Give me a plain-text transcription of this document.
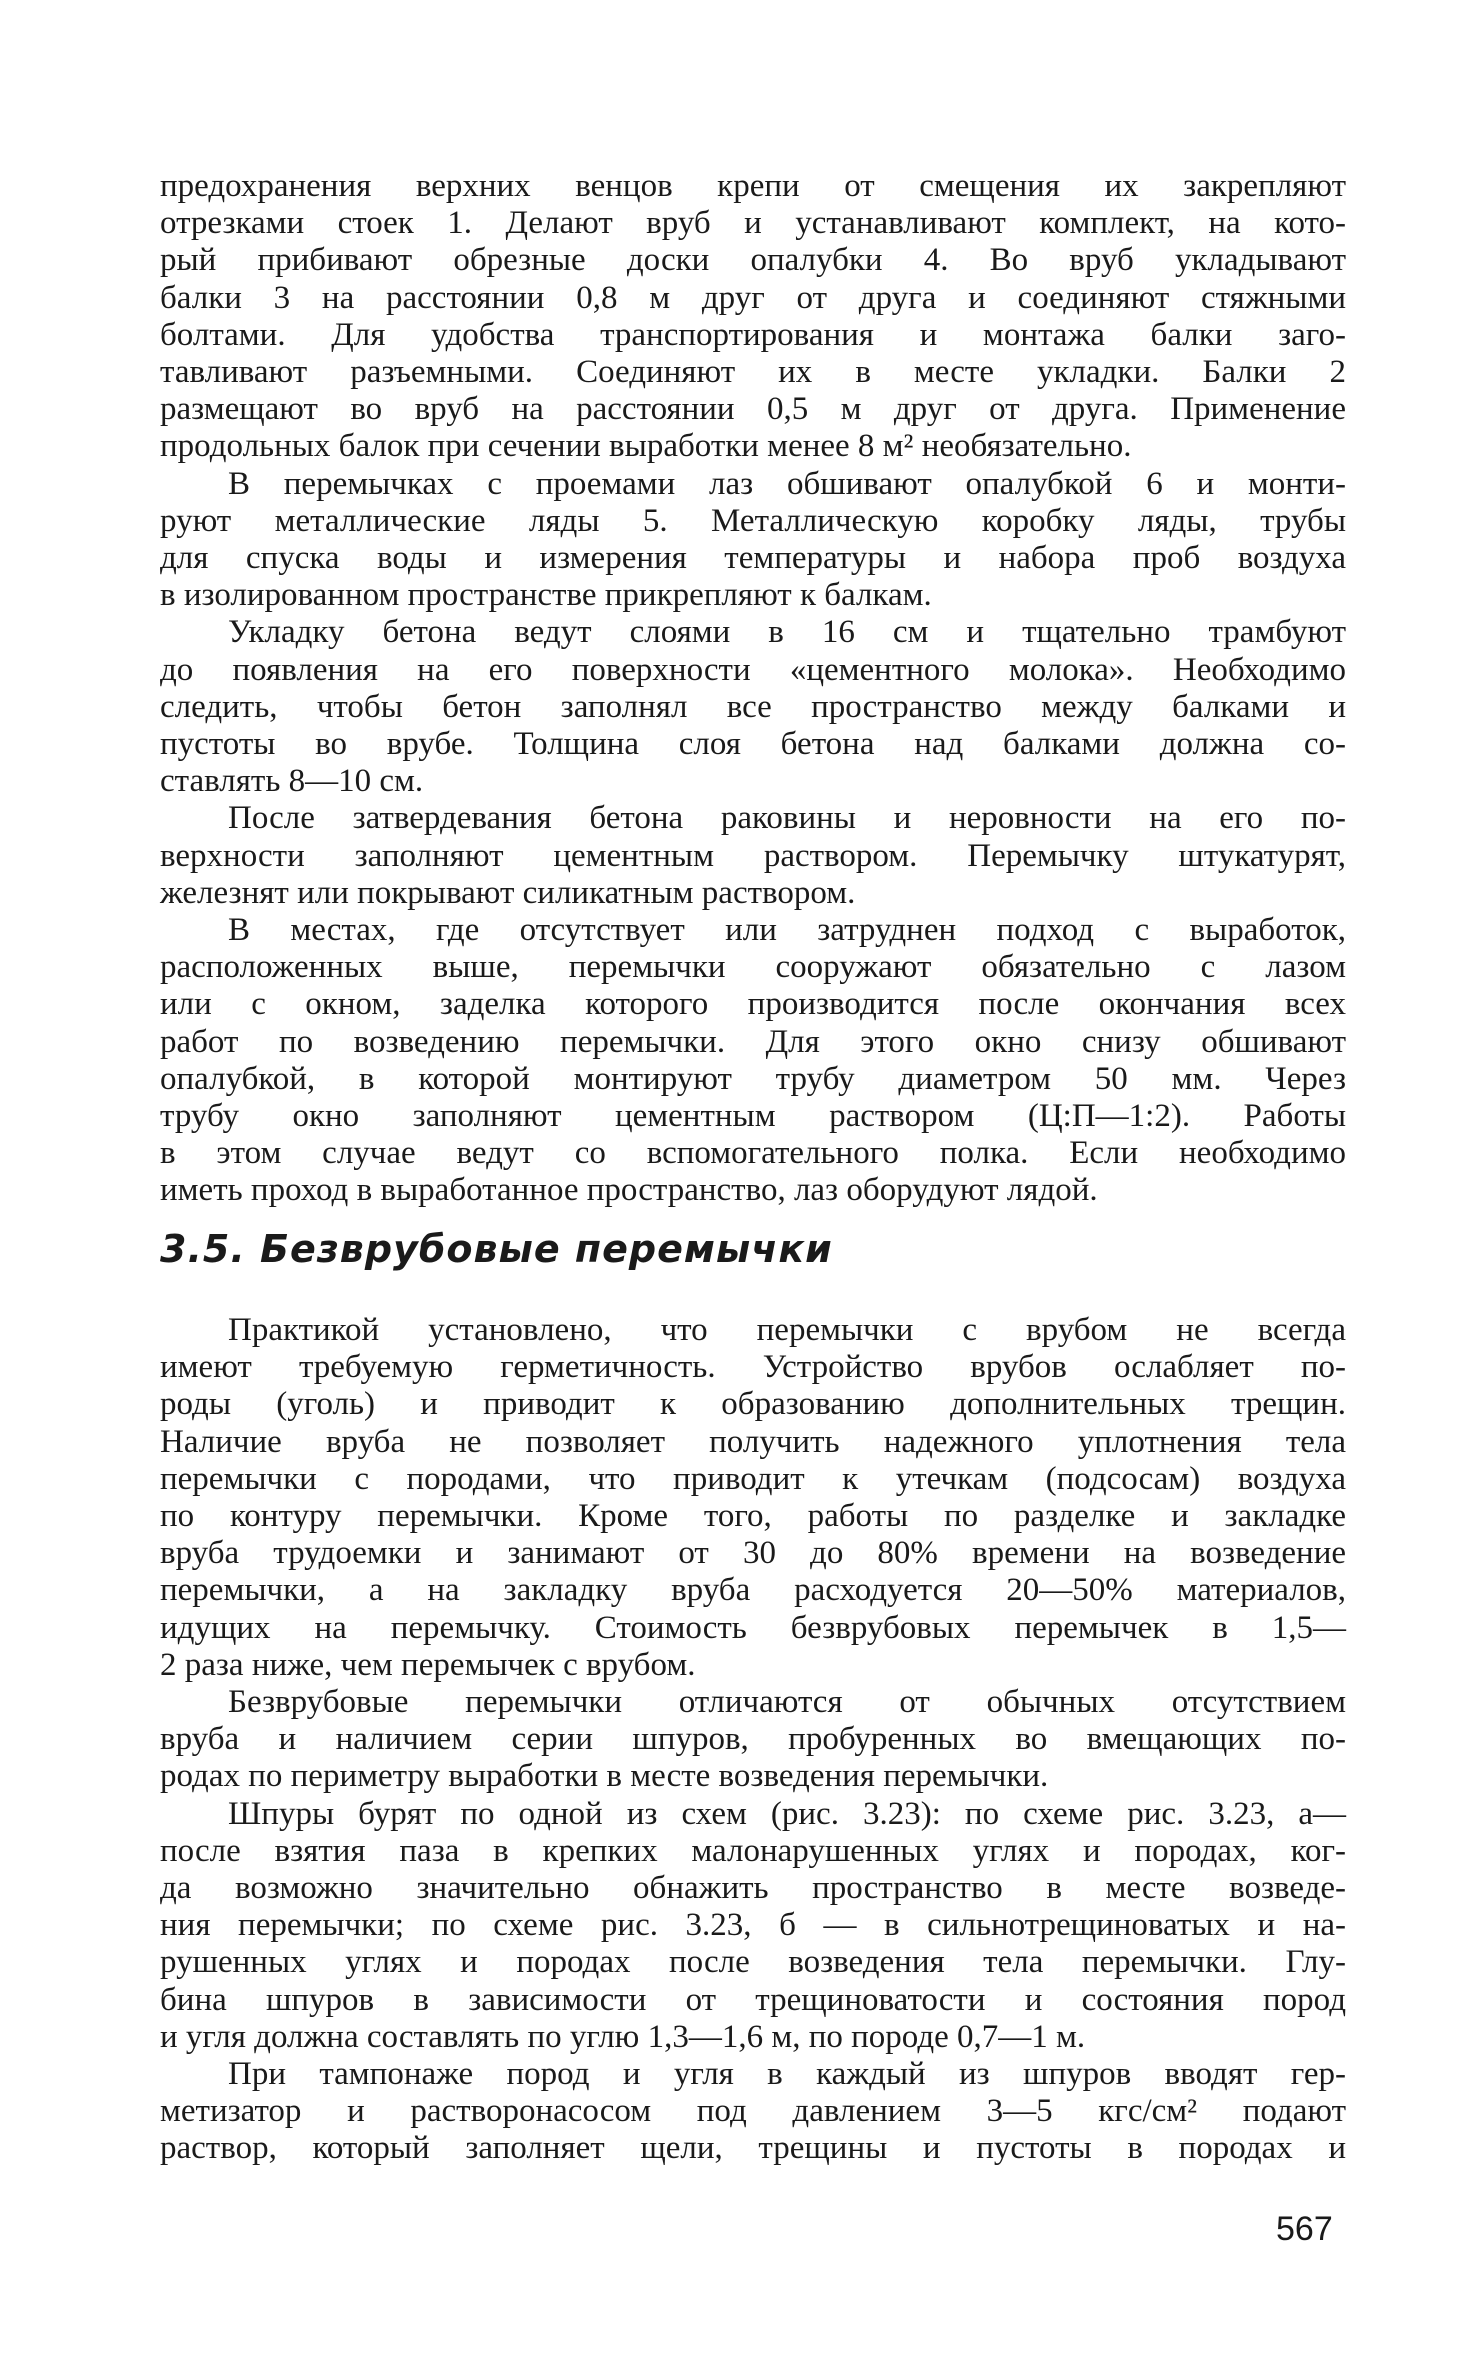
предохранения верхних венцов крепи от смещения их закрепляют
отрезками стоек 1. Делают вруб и устанавливают комплект, на кото-
рый прибивают обрезные доски опалубки 4. Во вруб укладывают
балки 3 на расстоянии 0,8 м друг от друга и соединяют стяжными
болтами. Для удобства транспортирования и монтажа балки заго-
тавливают разъемными. Соединяют их в месте укладки. Балки 2
размещают во вруб на расстоянии 0,5 м друг от друга. Применение
продольных балок при сечении выработки менее 8 м² необязательно.
В перемычках с проемами лаз обшивают опалубкой 6 и монти-
руют металлические ляды 5. Металлическую коробку ляды, трубы
для спуска воды и измерения температуры и набора проб воздуха
в изолированном пространстве прикрепляют к балкам.
Укладку бетона ведут слоями в 16 см и тщательно трамбуют
до появления на его поверхности «цементного молока». Необходимо
следить, чтобы бетон заполнял все пространство между балками и
пустоты во врубе. Толщина слоя бетона над балками должна со-
ставлять 8—10 см.
После затвердевания бетона раковины и неровности на его по-
верхности заполняют цементным раствором. Перемычку штукатурят,
железнят или покрывают силикатным раствором.
В местах, где отсутствует или затруднен подход с выработок,
расположенных выше, перемычки сооружают обязательно с лазом
или с окном, заделка которого производится после окончания всех
работ по возведению перемычки. Для этого окно снизу обшивают
опалубкой, в которой монтируют трубу диаметром 50 мм. Через
трубу окно заполняют цементным раствором (Ц:П—1:2). Работы
в этом случае ведут со вспомогательного полка. Если необходимо
иметь проход в выработанное пространство, лаз оборудуют лядой.
3.5. Безврубовые перемычки
Практикой установлено, что перемычки с врубом не всегда
имеют требуемую герметичность. Устройство врубов ослабляет по-
роды (уголь) и приводит к образованию дополнительных трещин.
Наличие вруба не позволяет получить надежного уплотнения тела
перемычки с породами, что приводит к утечкам (подсосам) воздуха
по контуру перемычки. Кроме того, работы по разделке и закладке
вруба трудоемки и занимают от 30 до 80% времени на возведение
перемычки, а на закладку вруба расходуется 20—50% материалов,
идущих на перемычку. Стоимость безврубовых перемычек в 1,5—
2 раза ниже, чем перемычек с врубом.
Безврубовые перемычки отличаются от обычных отсутствием
вруба и наличием серии шпуров, пробуренных во вмещающих по-
родах по периметру выработки в месте возведения перемычки.
Шпуры бурят по одной из схем (рис. 3.23): по схеме рис. 3.23, а—
после взятия паза в крепких малонарушенных углях и породах, ког-
да возможно значительно обнажить пространство в месте возведе-
ния перемычки; по схеме рис. 3.23, б — в сильнотрещиноватых и на-
рушенных углях и породах после возведения тела перемычки. Глу-
бина шпуров в зависимости от трещиноватости и состояния пород
и угля должна составлять по углю 1,3—1,6 м, по породе 0,7—1 м.
При тампонаже пород и угля в каждый из шпуров вводят гер-
метизатор и растворонасосом под давлением 3—5 кгс/см² подают
раствор, который заполняет щели, трещины и пустоты в породах и
567
